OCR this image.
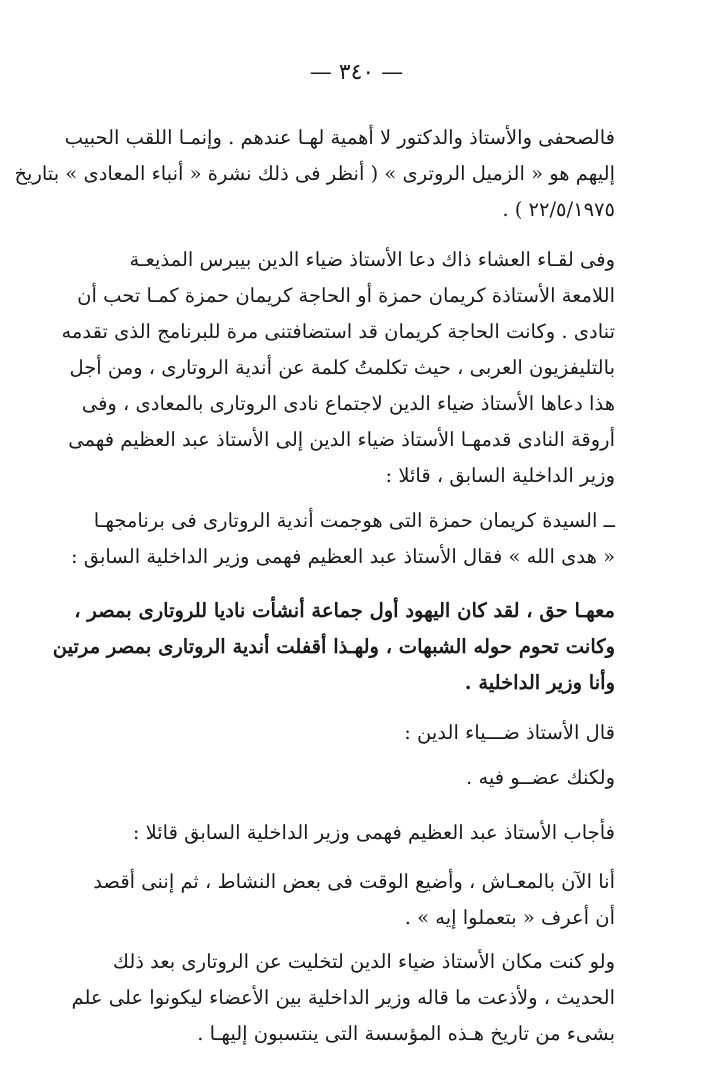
— ٣٤٠ —

فالصحفى والأستاذ والدكتور لا أهمية لهـا عندهم . وإنمـا اللقب الحبيب
إليهم هو « الزميل الروترى » ( أنظر فى ذلك نشرة « أنباء المعادى » بتاريخ
٢٢/٥/١٩٧٥ ) .

وفى لقـاء العشاء ذاك دعا الأستاذ ضياء الدين بيبرس المذيعـة
اللامعة الأستاذة كريمان حمزة أو الحاجة كريمان حمزة كمـا تحب أن
تنادى . وكانت الحاجة كريمان قد استضافتنى مرة للبرنامج الذى تقدمه
بالتليفزيون العربى ، حيث تكلمتُ كلمة عن أندية الروتارى ، ومن أجل
هذا دعاها الأستاذ ضياء الدين لاجتماع نادى الروتارى بالمعادى ، وفى
أروقة النادى قدمهـا الأستاذ ضياء الدين إلى الأستاذ عبد العظيم فهمى
وزير الداخلية السابق ، قائلا :

ــ السيدة كريمان حمزة التى هوجمت أندية الروتارى فى برنامجهـا
« هدى الله » فقال الأستاذ عبد العظيم فهمى وزير الداخلية السابق :

معهـا حق ، لقد كان اليهود أول جماعة أنشأت ناديا للروتارى بمصر ،
وكانت تحوم حوله الشبهات ، ولهـذا أقفلت أندية الروتارى بمصر مرتين
وأنا وزير الداخلية .

قال الأستاذ ضـــياء الدين :

ولكنك عضــو فيه .

فأجاب الأستاذ عبد العظيم فهمى وزير الداخلية السابق قائلا :

أنا الآن بالمعـاش ، وأضيع الوقت فى بعض النشاط ، ثم إننى أقصد
أن أعرف « بتعملوا إيه » .

ولو كنت مكان الأستاذ ضياء الدين لتخليت عن الروتارى بعد ذلك
الحديث ، ولأذعت ما قاله وزير الداخلية بين الأعضاء ليكونوا على علم
بشىء من تاريخ هـذه المؤسسة التى ينتسبون إليهـا .
